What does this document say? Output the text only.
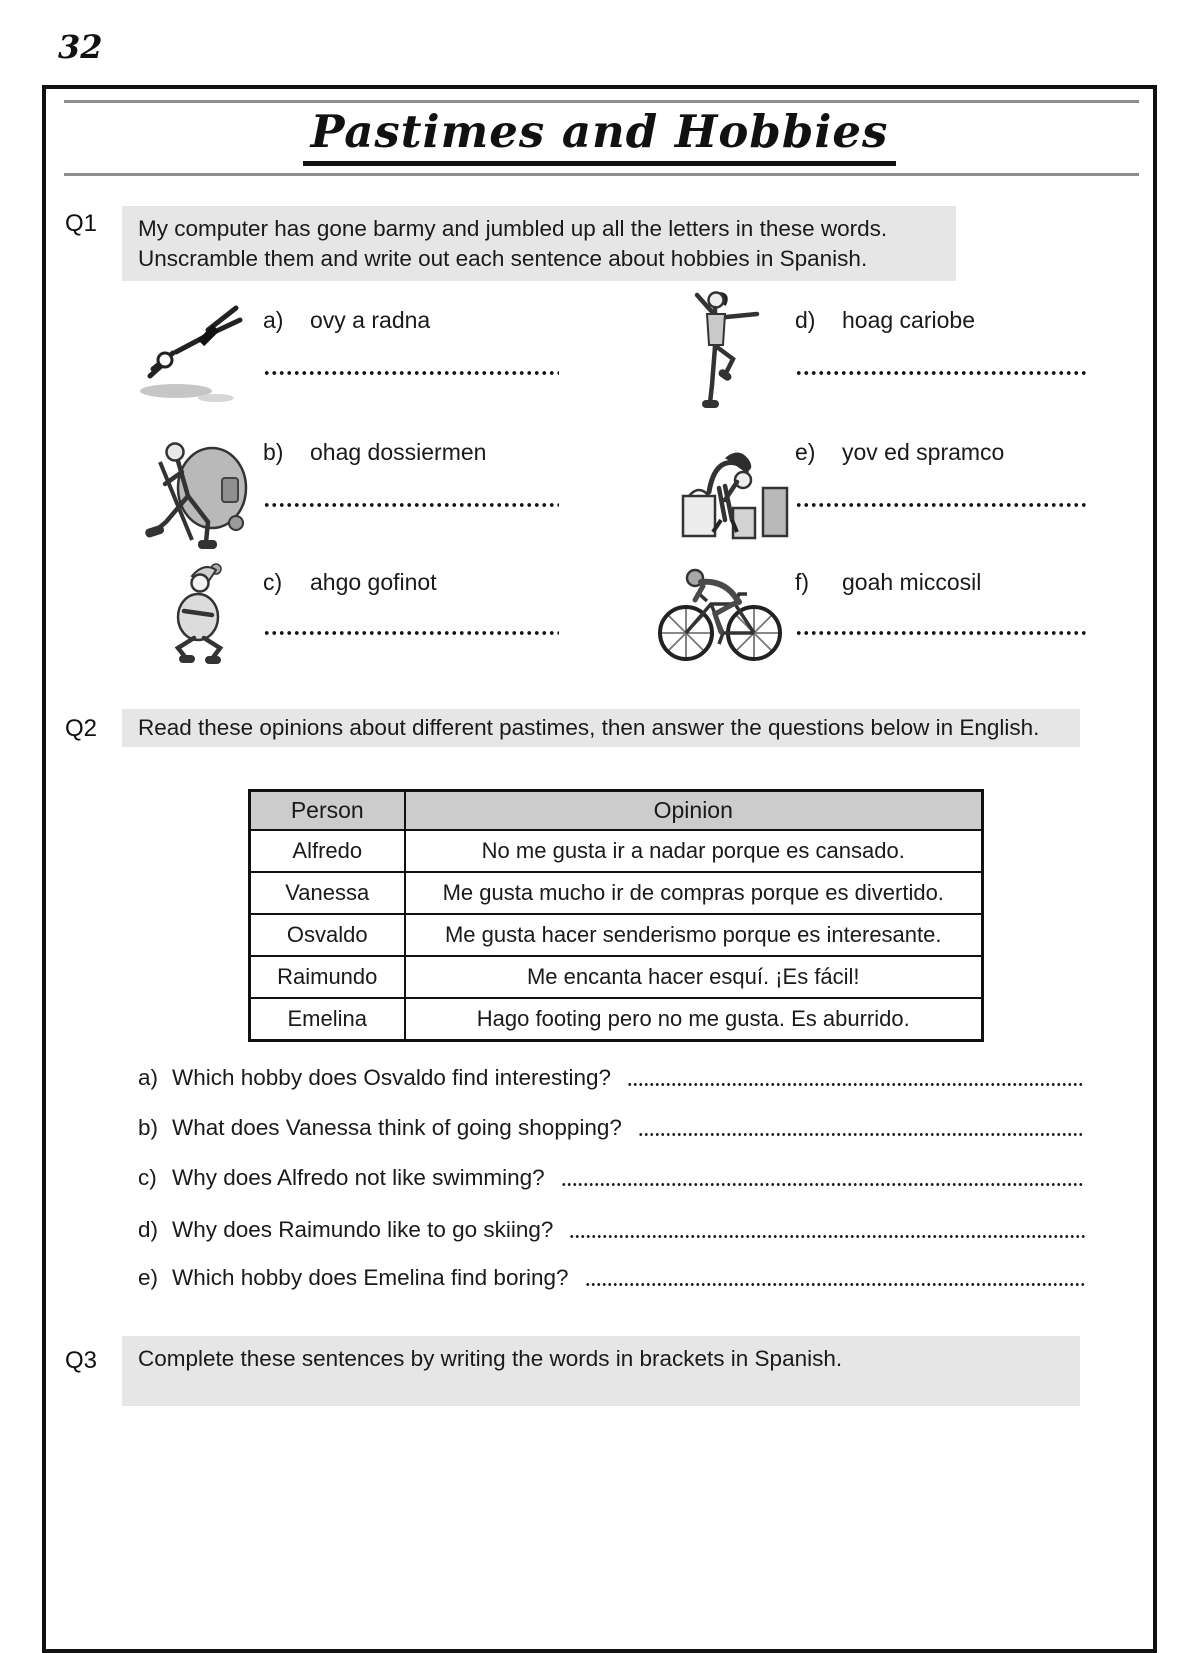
32
Pastimes and Hobbies
Q1 My computer has gone barmy and jumbled up all the letters in these words.
Unscramble them and write out each sentence about hobbies in Spanish.
a) ovy a radna	d) hoag cariobe
b) ohag dossiermen	e) yov ed spramco
c) ahgo gofinot	f) goah miccosil
Q2	Read these opinions about different pastimes, then answer the questions below in English.
Person	Opinion
Alfredo	No me gusta ir a nadar porque es cansado.
Vanessa	Me gusta mucho ir de compras porque es divertido.
Osvaldo	Me gusta hacer senderismo porque es interesante.
Raimundo	Me encanta hacer esquí. ¡Es fácil!
Emelina	Hago footing pero no me gusta. Es aburrido.
a) Which hobby does Osvaldo find interesting?
b) What does Vanessa think of going shopping?
c) Why does Alfredo not like swimming?
d) Why does Raimundo like to go skiing?
e) Which hobby does Emelina find boring?
Q3	Complete these sentences by writing the words in brackets in Spanish.
